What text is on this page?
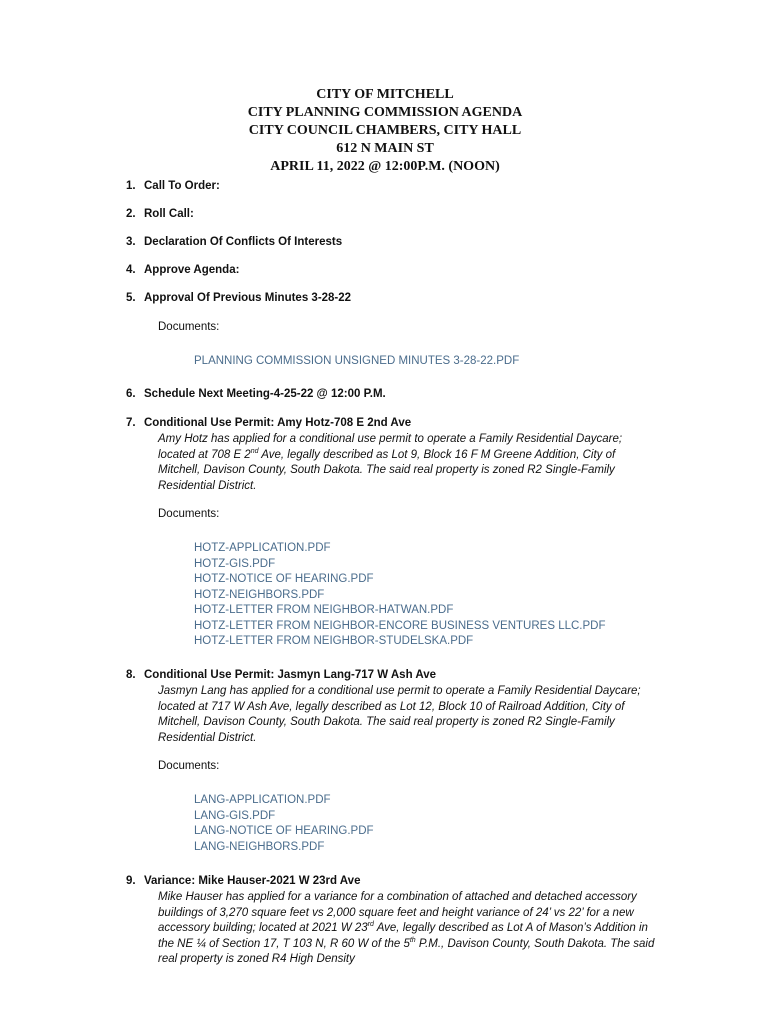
CITY OF MITCHELL
CITY PLANNING COMMISSION AGENDA
CITY COUNCIL CHAMBERS, CITY HALL
612 N MAIN ST
APRIL 11, 2022 @ 12:00P.M. (NOON)
1. Call To Order:
2. Roll Call:
3. Declaration Of Conflicts Of Interests
4. Approve Agenda:
5. Approval Of Previous Minutes 3-28-22
Documents:
PLANNING COMMISSION UNSIGNED MINUTES 3-28-22.PDF
6. Schedule Next Meeting-4-25-22 @ 12:00 P.M.
7. Conditional Use Permit: Amy Hotz-708 E 2nd Ave
Amy Hotz has applied for a conditional use permit to operate a Family Residential Daycare; located at 708 E 2nd Ave, legally described as Lot 9, Block 16 F M Greene Addition, City of Mitchell, Davison County, South Dakota. The said real property is zoned R2 Single-Family Residential District.
Documents:
HOTZ-APPLICATION.PDF
HOTZ-GIS.PDF
HOTZ-NOTICE OF HEARING.PDF
HOTZ-NEIGHBORS.PDF
HOTZ-LETTER FROM NEIGHBOR-HATWAN.PDF
HOTZ-LETTER FROM NEIGHBOR-ENCORE BUSINESS VENTURES LLC.PDF
HOTZ-LETTER FROM NEIGHBOR-STUDELSKA.PDF
8. Conditional Use Permit: Jasmyn Lang-717 W Ash Ave
Jasmyn Lang has applied for a conditional use permit to operate a Family Residential Daycare; located at 717 W Ash Ave, legally described as Lot 12, Block 10 of Railroad Addition, City of Mitchell, Davison County, South Dakota. The said real property is zoned R2 Single-Family Residential District.
Documents:
LANG-APPLICATION.PDF
LANG-GIS.PDF
LANG-NOTICE OF HEARING.PDF
LANG-NEIGHBORS.PDF
9. Variance: Mike Hauser-2021 W 23rd Ave
Mike Hauser has applied for a variance for a combination of attached and detached accessory buildings of 3,270 square feet vs 2,000 square feet and height variance of 24’ vs 22’ for a new accessory building; located at 2021 W 23rd Ave, legally described as Lot A of Mason’s Addition in the NE ¼ of Section 17, T 103 N, R 60 W of the 5th P.M., Davison County, South Dakota. The said real property is zoned R4 High Density
